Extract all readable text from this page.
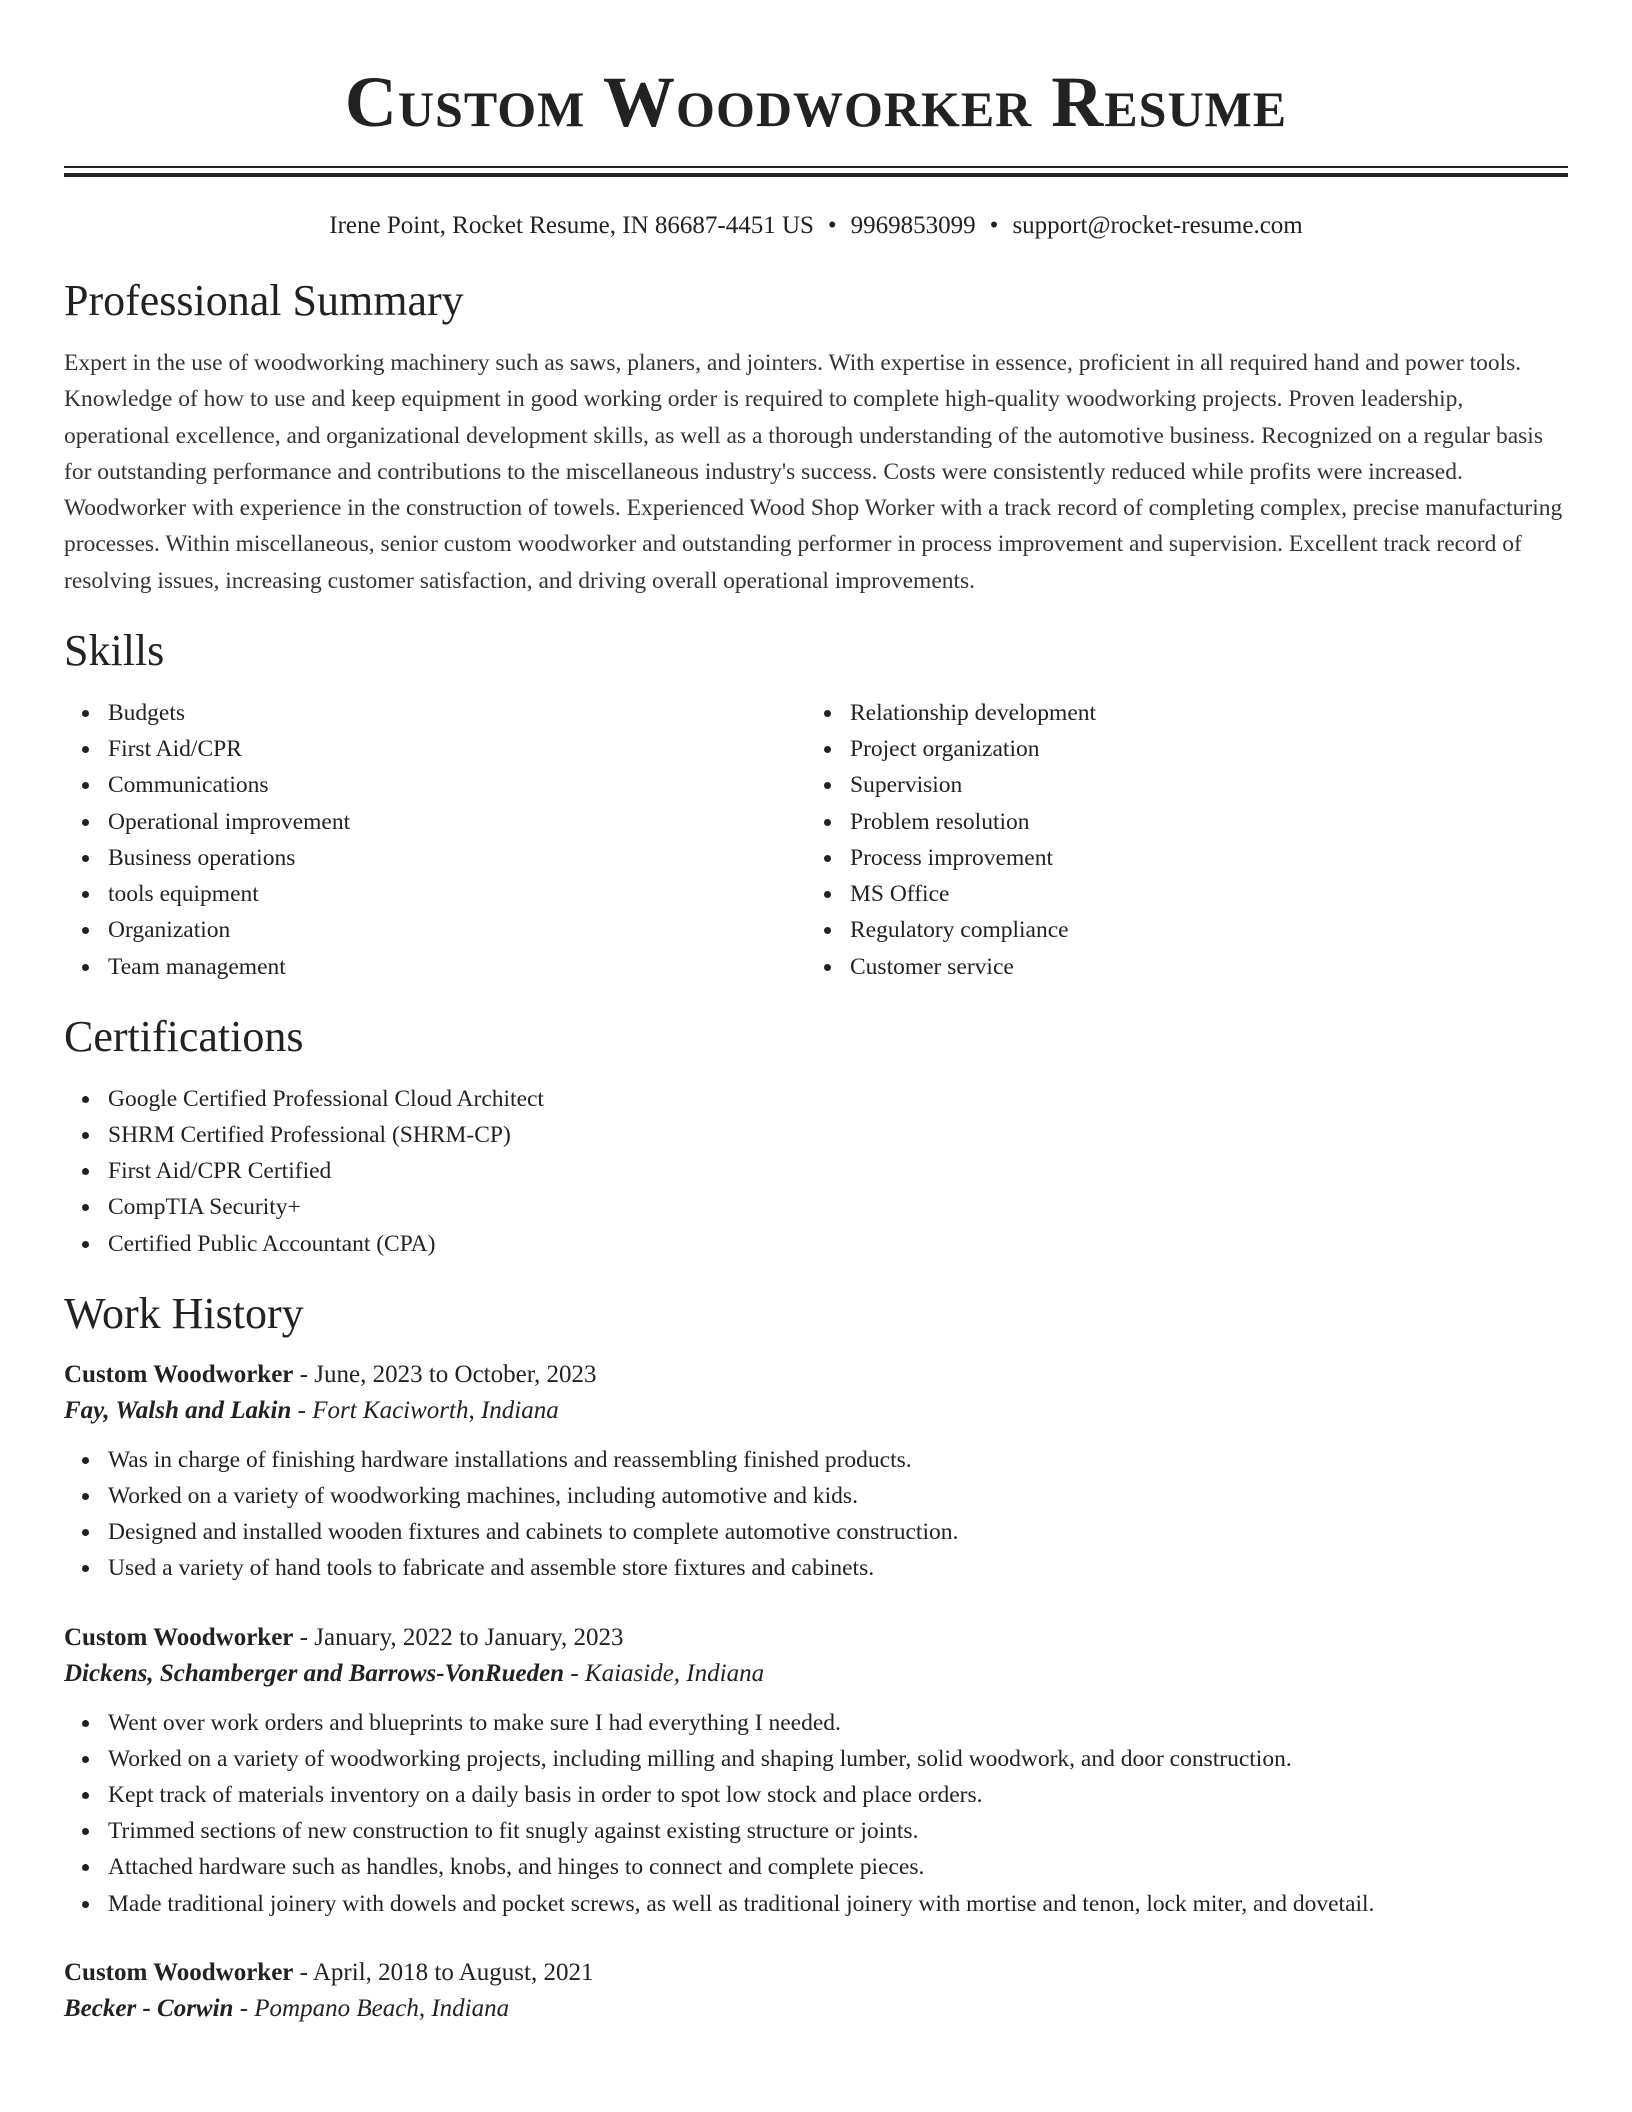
Custom Woodworker Resume
Irene Point, Rocket Resume, IN 86687-4451 US • 9969853099 • support@rocket-resume.com
Professional Summary

Expert in the use of woodworking machinery such as saws, planers, and jointers. With expertise in essence, proficient in all required hand and power tools. Knowledge of how to use and keep equipment in good working order is required to complete high-quality woodworking projects. Proven leadership, operational excellence, and organizational development skills, as well as a thorough understanding of the automotive business. Recognized on a regular basis for outstanding performance and contributions to the miscellaneous industry's success. Costs were consistently reduced while profits were increased. Woodworker with experience in the construction of towels. Experienced Wood Shop Worker with a track record of completing complex, precise manufacturing processes. Within miscellaneous, senior custom woodworker and outstanding performer in process improvement and supervision. Excellent track record of resolving issues, increasing customer satisfaction, and driving overall operational improvements.

Skills
Budgets
First Aid/CPR
Communications
Operational improvement
Business operations
tools equipment
Organization
Team management
Relationship development
Project organization
Supervision
Problem resolution
Process improvement
MS Office
Regulatory compliance
Customer service
Certifications
Google Certified Professional Cloud Architect
SHRM Certified Professional (SHRM-CP)
First Aid/CPR Certified
CompTIA Security+
Certified Public Accountant (CPA)
Work History
Custom Woodworker - June, 2023 to October, 2023
Fay, Walsh and Lakin - Fort Kaciworth, Indiana
Was in charge of finishing hardware installations and reassembling finished products.
Worked on a variety of woodworking machines, including automotive and kids.
Designed and installed wooden fixtures and cabinets to complete automotive construction.
Used a variety of hand tools to fabricate and assemble store fixtures and cabinets.
Custom Woodworker - January, 2022 to January, 2023
Dickens, Schamberger and Barrows-VonRueden - Kaiaside, Indiana
Went over work orders and blueprints to make sure I had everything I needed.
Worked on a variety of woodworking projects, including milling and shaping lumber, solid woodwork, and door construction.
Kept track of materials inventory on a daily basis in order to spot low stock and place orders.
Trimmed sections of new construction to fit snugly against existing structure or joints.
Attached hardware such as handles, knobs, and hinges to connect and complete pieces.
Made traditional joinery with dowels and pocket screws, as well as traditional joinery with mortise and tenon, lock miter, and dovetail.
Custom Woodworker - April, 2018 to August, 2021
Becker - Corwin - Pompano Beach, Indiana
